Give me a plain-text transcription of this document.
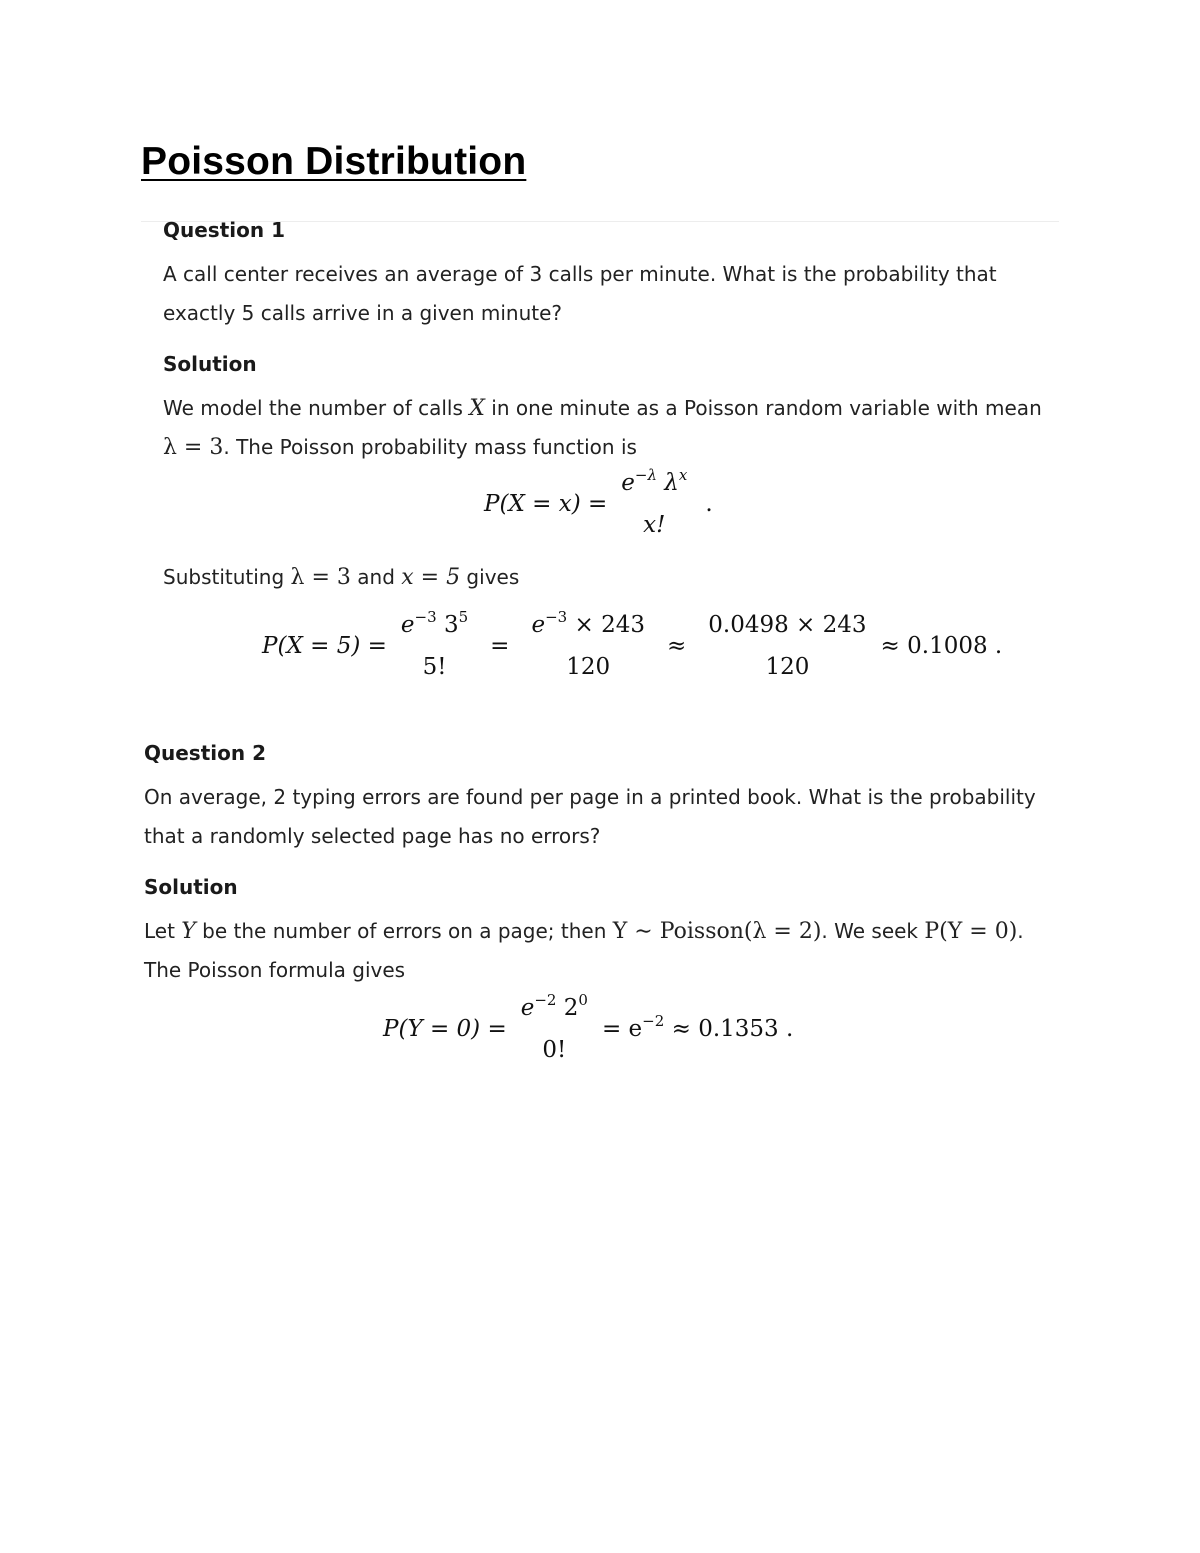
Poisson Distribution

Question 1

A call center receives an average of 3 calls per minute. What is the probability that exactly 5 calls arrive in a given minute?

Solution

We model the number of calls X in one minute as a Poisson random variable with mean λ = 3. The Poisson probability mass function is

P(X = x) =
$e^{-\lambda}$ $\lambda^x$
x!
.

Substituting λ = 3 and x = 5 gives

P(X = 5) =
$e^{-3}$ $3^5$
5!
=
$e^{-3} \times 243$
120
≈
0.0498 × 243
120
≈ 0.1008 .

Question 2

On average, 2 typing errors are found per page in a printed book. What is the probability that a randomly selected page has no errors?

Solution

Let Y be the number of errors on a page; then Y ∼ Poisson(λ = 2). We seek P(Y = 0). The Poisson formula gives

P(Y = 0) =
$e^{-2}$ $2^0$
0!
= $e^{-2} \approx 0.1353$ .
